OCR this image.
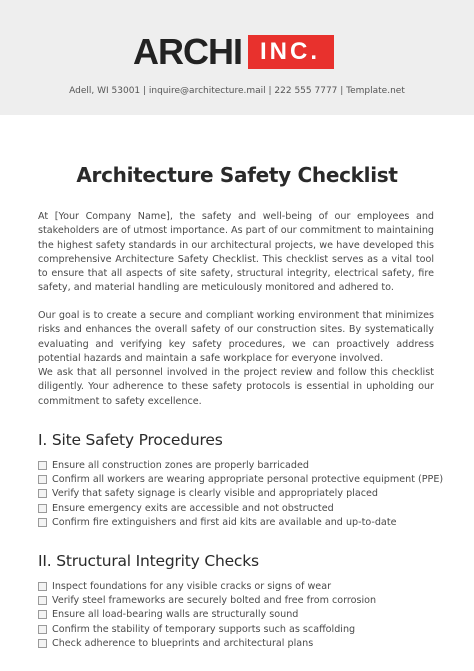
ARCHI INC.
Adell, WI 53001 | inquire@architecture.mail | 222 555 7777 | Template.net
Architecture Safety Checklist

At [Your Company Name], the safety and well-being of our employees and stakeholders are of utmost importance. As part of our commitment to maintaining the highest safety standards in our architectural projects, we have developed this comprehensive Architecture Safety Checklist. This checklist serves as a vital tool to ensure that all aspects of site safety, structural integrity, electrical safety, fire safety, and material handling are meticulously monitored and adhered to.

Our goal is to create a secure and compliant working environment that minimizes risks and enhances the overall safety of our construction sites. By systematically evaluating and verifying key safety procedures, we can proactively address potential hazards and maintain a safe workplace for everyone involved.
We ask that all personnel involved in the project review and follow this checklist diligently. Your adherence to these safety protocols is essential in upholding our commitment to safety excellence.
I. Site Safety Procedures
Ensure all construction zones are properly barricaded
Confirm all workers are wearing appropriate personal protective equipment (PPE)
Verify that safety signage is clearly visible and appropriately placed
Ensure emergency exits are accessible and not obstructed
Confirm fire extinguishers and first aid kits are available and up-to-date
II. Structural Integrity Checks
Inspect foundations for any visible cracks or signs of wear
Verify steel frameworks are securely bolted and free from corrosion
Ensure all load-bearing walls are structurally sound
Confirm the stability of temporary supports such as scaffolding
Check adherence to blueprints and architectural plans
